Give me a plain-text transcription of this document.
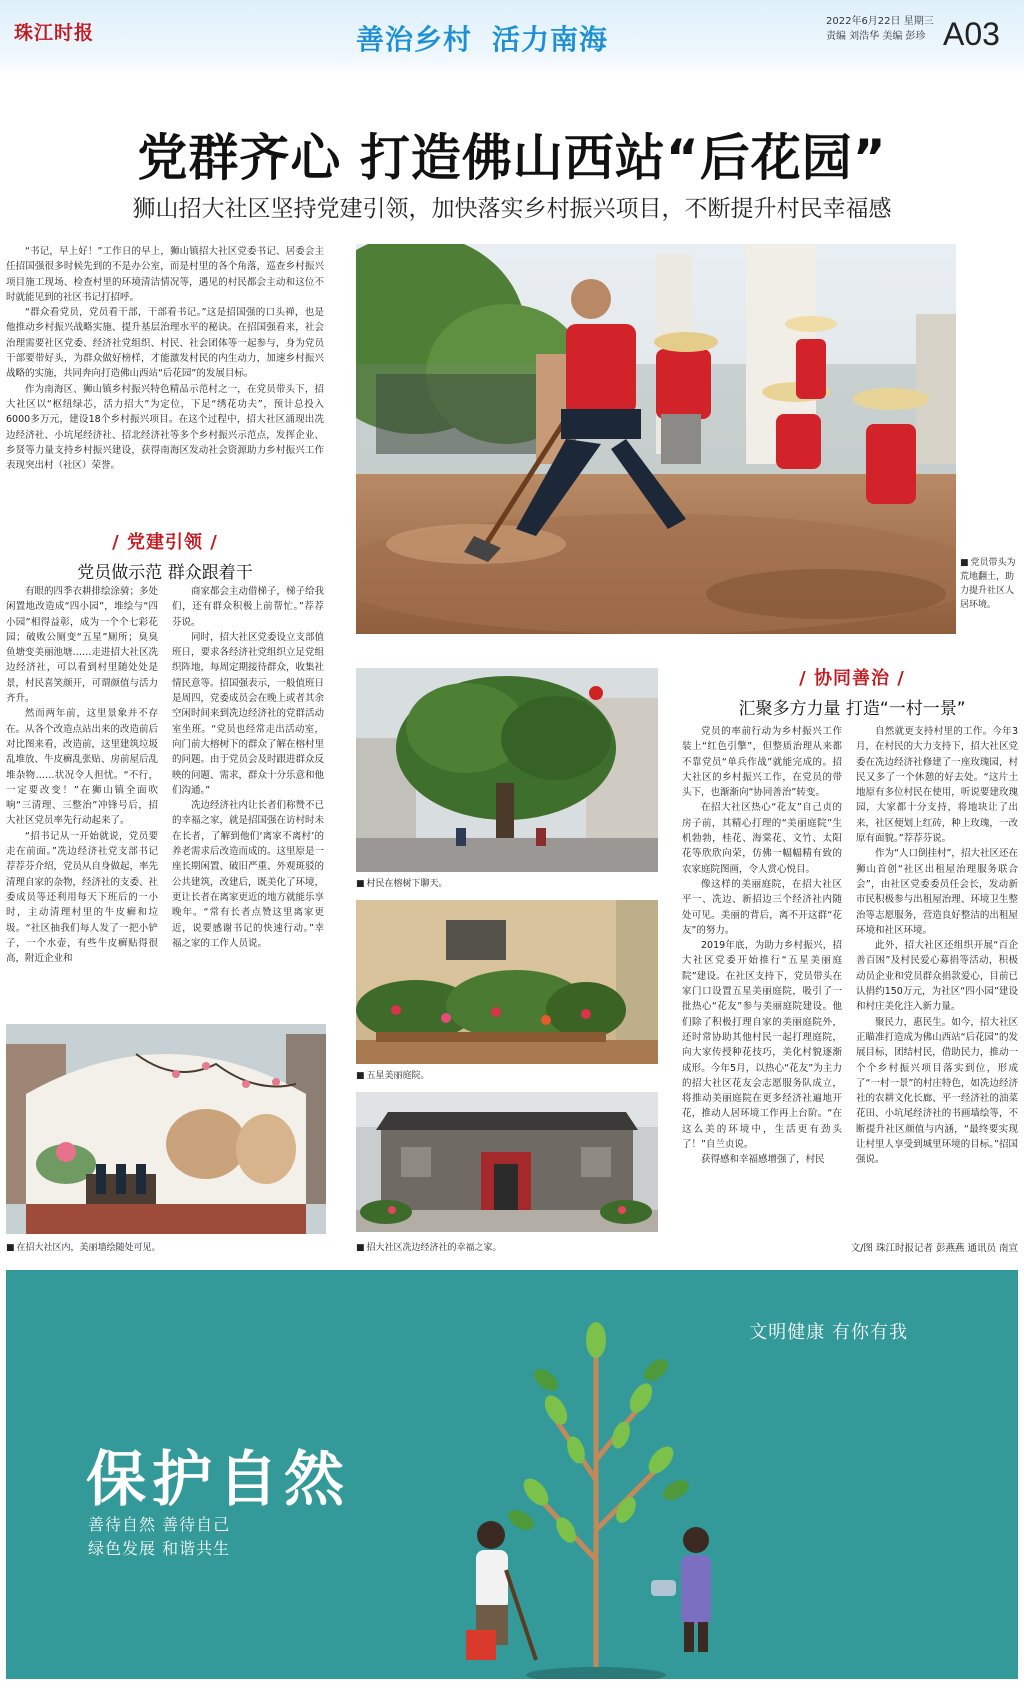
珠江时报	善治乡村 活力南海
2022年6月22日 星期三
责编 刘浩华 美编 彭珍 A03
党群齐心 打造佛山西站“后花园”
狮山招大社区坚持党建引领，加快落实乡村振兴项目，不断提升村民幸福感

“书记，早上好！”工作日的早上，狮山镇招大社区党委书记、居委会主任招国强很多时候先到的不是办公室，而是村里的各个角落，巡查乡村振兴项目施工现场、检查村里的环境清洁情况等，遇见的村民都会主动和这位不时就能见到的社区书记打招呼。

“群众看党员，党员看干部，干部看书记。”这是招国强的口头禅，也是他推动乡村振兴战略实施、提升基层治理水平的秘诀。在招国强看来，社会治理需要社区党委、经济社党组织、村民、社会团体等一起参与，身为党员干部要带好头，为群众做好榜样，才能激发村民的内生动力，加速乡村振兴战略的实施，共同奔向打造佛山西站“后花园”的发展目标。

作为南海区、狮山镇乡村振兴特色精品示范村之一，在党员带头下，招大社区以“枢纽绿芯，活力招大”为定位，下足“绣花功夫”，预计总投入6000多万元，建设18个乡村振兴项目。在这个过程中，招大社区涌现出冼边经济社、小坑尾经济社、招北经济社等多个乡村振兴示范点，发挥企业、乡贤等力量支持乡村振兴建设，获得南海区发动社会资源助力乡村振兴工作表现突出村（社区）荣誉。

/ 党建引领 /
党员做示范 群众跟着干

有眼的四季衣耕排绘涂骑；多处闲置地改造成“四小园”，堆绘与“四小园”相得益彰，成为一个个七彩花园；破败公厕变“五星”厕所；臭臭鱼塘变美丽池塘……走进招大社区冼边经济社，可以看到村里随处处是景，村民喜笑颜开，可谓颜值与活力齐升。

然而两年前，这里景象并不存在。从各个改造点站出来的改造前后对比图来看，改造前，这里建筑垃圾乱堆放、牛皮癣乱张贴、房前屋后乱堆杂物……状况令人担忧。“不行，一定要改变！”在狮山镇全面吹响“三清理、三整治”冲锋号后，招大社区党员率先行动起来了。

“招书记从一开始就说，党员要走在前面。”冼边经济社党支部书记荐荐芬介绍，党员从自身做起，率先清理自家的杂物，经济社的支委、社委成员等还利用每天下班后的一小时，主动清理村里的牛皮癣和垃圾。“社区抽我们每人发了一把小铲子，一个水壶，有些牛皮癣贴得很高，附近企业和

商家都会主动借梯子，梯子给我们，还有群众积极上前帮忙。”荐荐芬说。

同时，招大社区党委设立支部值班日，要求各经济社党组织立足党组织阵地，每周定期接待群众，收集社情民意等。招国强表示，一般值班日是周四，党委成员会在晚上或者其余空闲时间来到冼边经济社的党群活动室坐班。“党员也经常走出活动室，向门前大榕树下的群众了解在榕村里的问题。由于党员会及时跟进群众反映的问题、需求，群众十分乐意和他们沟通。”

冼边经济社内让长者们称赞不已的幸福之家，就是招国强在访村时未在长者，了解到他们‘离家不离村’的养老需求后改造而成的。这里原是一座长期闲置、破旧严重、外观斑驳的公共建筑，改建后，既美化了环境，更让长者在离家更近的地方就能乐享晚年。“常有长者点赞这里离家更近，说要感谢书记的快速行动。”幸福之家的工作人员说。

■ 党员带头为荒地翻土，助力提升社区人居环境。
■ 村民在榕树下聊天。
■ 五星美丽庭院。
■ 招大社区冼边经济社的幸福之家。
■ 在招大社区内，美丽墙绘随处可见。
/ 协同善治 /
汇聚多方力量 打造“一村一景”

党员的率前行动为乡村振兴工作装上“红色引擎”，但整质治理从来都不靠党员“单兵作战”就能完成的。招大社区的乡村振兴工作，在党员的带头下，也渐渐向“协同善治”转变。

在招大社区热心“花友”自己贞的房子前，其精心打理的“美丽庭院”生机勃勃，桂花、海棠花、文竹、太阳花等欣欣向荣，仿佛一幅幅精有致的农家庭院图画，令人赏心悦目。

像这样的美丽庭院，在招大社区平一、冼边、新招边三个经济社内随处可见。美丽的背后，离不开这群“花友”的努力。

2019年底，为助力乡村振兴，招大社区党委开始推行“五星美丽庭院”建设。在社区支持下，党员带头在家门口设置五星美丽庭院，吸引了一批热心“花友”参与美丽庭院建设。他们除了积极打理自家的美丽庭院外，还时常协助其他村民一起打理庭院，向大家传授种花技巧，美化村貌逐渐成形。今年5月，以热心“花友”为主力的招大社区花友会志愿服务队成立，将推动美丽庭院在更多经济社遍地开花，推动人居环境工作再上台阶。“在这么美的环境中，生活更有劲头了！”自兰贞说。

获得感和幸福感增强了，村民

自然就更支持村里的工作。今年3月，在村民的大力支持下，招大社区党委在冼边经济社修建了一座玫瑰园，村民又多了一个休憩的好去处。“这片土地原有多位村民在使用，听说要建玫瑰园，大家都十分支持，将地块让了出来，社区便划上红砖，种上玫瑰，一改原有面貌。”荐荐芬说。

作为“人口倒挂村”，招大社区还在狮山首创“社区出租屋治理服务联合会”，由社区党委委员任会长，发动新市民积极参与出租屋治理、环境卫生整治等志愿服务，营造良好整洁的出租屋环境和社区环境。

此外，招大社区还组织开展“百企善百困”及村民爱心募捐等活动，积极动员企业和党员群众捐款爱心，目前已认捐约150万元，为社区“四小园”建设和村庄美化注入新力量。

聚民力，惠民生。如今，招大社区正瞄准打造成为佛山西站“后花园”的发展目标，团结村民，借助民力，推动一个个乡村振兴项目落实到位，形成了“一村一景”的村庄特色，如冼边经济社的农耕文化长廊、平一经济社的油菜花田、小坑尾经济社的书画墙绘等，不断提升社区颜值与内涵，“最终要实现让村里人享受到城里环境的目标。”招国强说。

文/图 珠江时报记者 彭燕燕 通讯员 南宣
文明健康 有你有我
保护自然
善待自然 善待自己
绿色发展 和谐共生
